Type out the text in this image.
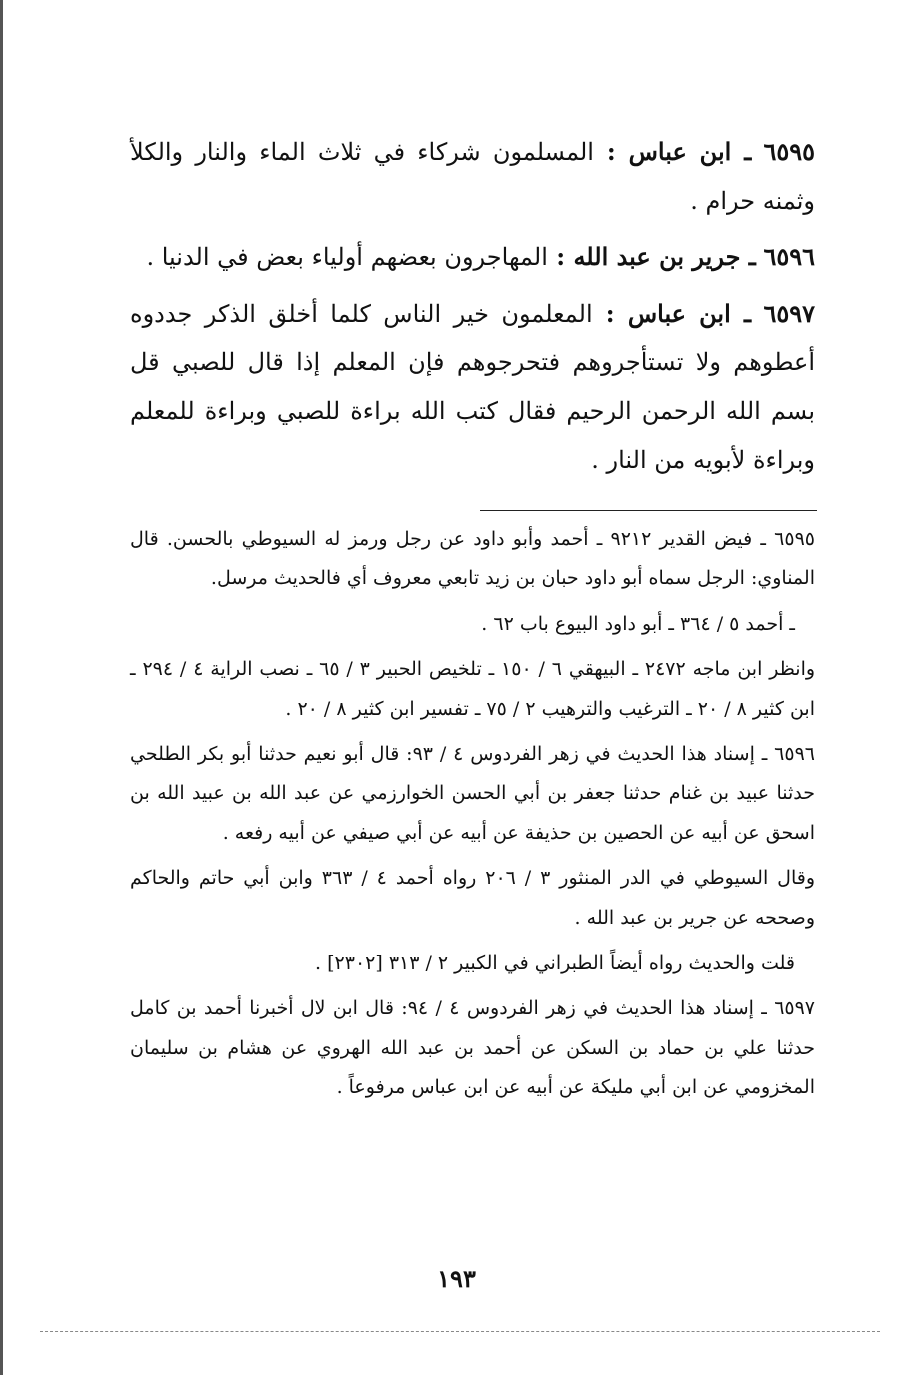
٦٥٩٥ ـ ابن عباس : المسلمون شركاء في ثلاث الماء والنار والكلأ وثمنه حرام .

٦٥٩٦ ـ جرير بن عبد الله : المهاجرون بعضهم أولياء بعض في الدنيا .

٦٥٩٧ ـ ابن عباس : المعلمون خير الناس كلما أخلق الذكر جددوه أعطوهم ولا تستأجروهم فتحرجوهم فإن المعلم إذا قال للصبي قل بسم الله الرحمن الرحيم فقال كتب الله براءة للصبي وبراءة للمعلم وبراءة لأبويه من النار .

٦٥٩٥ ـ فيض القدير ٩٢١٢ ـ أحمد وأبو داود عن رجل ورمز له السيوطي بالحسن. قال المناوي: الرجل سماه أبو داود حبان بن زيد تابعي معروف أي فالحديث مرسل.

ـ أحمد ٥ / ٣٦٤ ـ أبو داود البيوع باب ٦٢ .

وانظر ابن ماجه ٢٤٧٢ ـ البيهقي ٦ / ١٥٠ ـ تلخيص الحبير ٣ / ٦٥ ـ نصب الراية ٤ / ٢٩٤ ـ ابن كثير ٨ / ٢٠ ـ الترغيب والترهيب ٢ / ٧٥ ـ تفسير ابن كثير ٨ / ٢٠ .

٦٥٩٦ ـ إسناد هذا الحديث في زهر الفردوس ٤ / ٩٣: قال أبو نعيم حدثنا أبو بكر الطلحي حدثنا عبيد بن غنام حدثنا جعفر بن أبي الحسن الخوارزمي عن عبد الله بن عبيد الله بن اسحق عن أبيه عن الحصين بن حذيفة عن أبيه عن أبي صيفي عن أبيه رفعه .

وقال السيوطي في الدر المنثور ٣ / ٢٠٦ رواه أحمد ٤ / ٣٦٣ وابن أبي حاتم والحاكم وصححه عن جرير بن عبد الله .

قلت والحديث رواه أيضاً الطبراني في الكبير ٢ / ٣١٣ [٢٣٠٢] .

٦٥٩٧ ـ إسناد هذا الحديث في زهر الفردوس ٤ / ٩٤: قال ابن لال أخبرنا أحمد بن كامل حدثنا علي بن حماد بن السكن عن أحمد بن عبد الله الهروي عن هشام بن سليمان المخزومي عن ابن أبي مليكة عن أبيه عن ابن عباس مرفوعاً .

١٩٣
